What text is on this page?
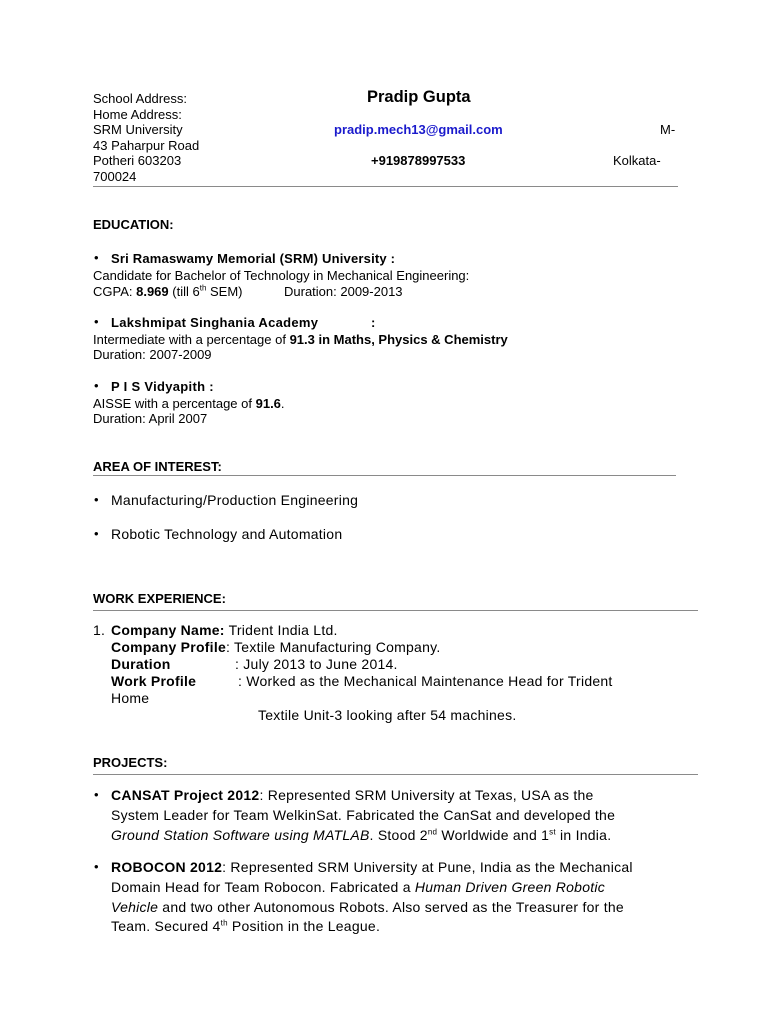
Pradip Gupta
School Address:
Home Address:
SRM University
43 Paharpur Road
Potheri 603203
700024
pradip.mech13@gmail.com
+919878997533
M-
Kolkata-
EDUCATION:
• Sri Ramaswamy Memorial (SRM) University :
Candidate for Bachelor of Technology in Mechanical Engineering:
CGPA: 8.969 (till 6th SEM)	Duration: 2009-2013
• Lakshmipat Singhania Academy	:
Intermediate with a percentage of 91.3 in Maths, Physics & Chemistry
Duration: 2007-2009
• P I S Vidyapith :
AISSE with a percentage of 91.6.
Duration: April 2007
AREA OF INTEREST:
• Manufacturing/Production Engineering
• Robotic Technology and Automation
WORK EXPERIENCE:
1. Company Name: Trident India Ltd.
Company Profile: Textile Manufacturing Company.
Duration	: July 2013 to June 2014.
Work Profile	: Worked as the Mechanical Maintenance Head for Trident
Home
Textile Unit-3 looking after 54 machines.
PROJECTS:
• CANSAT Project 2012: Represented SRM University at Texas, USA as the
System Leader for Team WelkinSat. Fabricated the CanSat and developed the
Ground Station Software using MATLAB. Stood 2nd Worldwide and 1st in India.
• ROBOCON 2012: Represented SRM University at Pune, India as the Mechanical
Domain Head for Team Robocon. Fabricated a Human Driven Green Robotic
Vehicle and two other Autonomous Robots. Also served as the Treasurer for the
Team. Secured 4th Position in the League.
